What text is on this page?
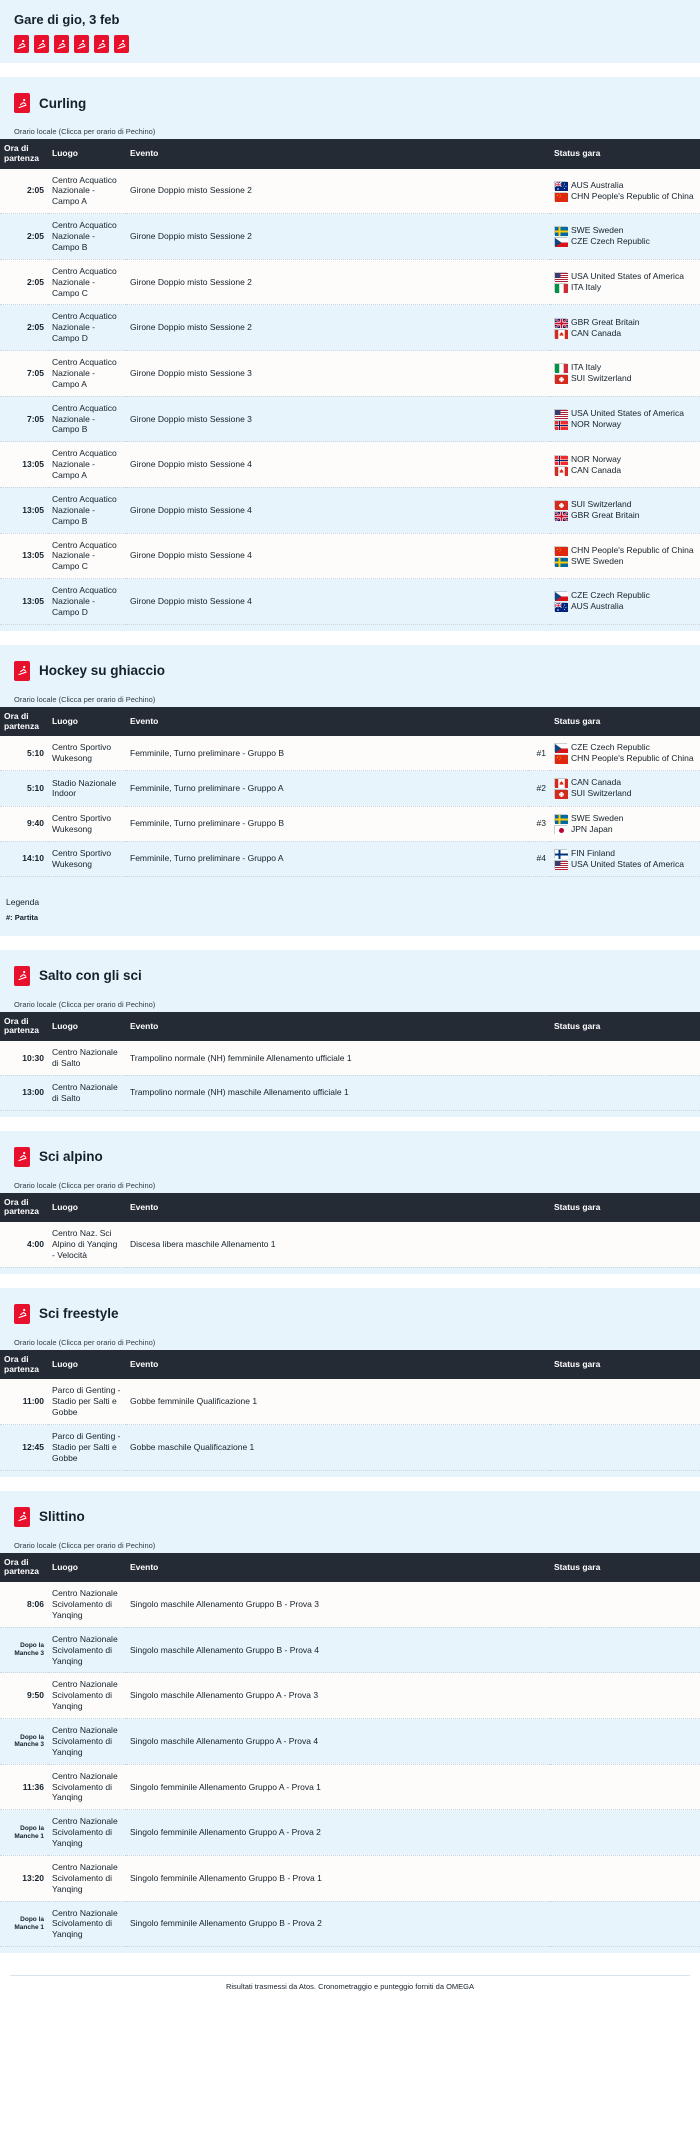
Gare di gio, 3 feb
Curling
Orario locale (Clicca per orario di Pechino)
Ora di partenza	Luogo	Evento	Status gara
2:05	Centro Acquatico Nazionale - Campo A	Girone Doppio misto Sessione 2	AUS Australia
CHN People's Republic of China

2:05	Centro Acquatico Nazionale - Campo B	Girone Doppio misto Sessione 2	SWE Sweden
CZE Czech Republic

2:05	Centro Acquatico Nazionale - Campo C	Girone Doppio misto Sessione 2	USA United States of America
ITA Italy

2:05	Centro Acquatico Nazionale - Campo D	Girone Doppio misto Sessione 2	GBR Great Britain
CAN Canada

7:05	Centro Acquatico Nazionale - Campo A	Girone Doppio misto Sessione 3	ITA Italy
SUI Switzerland

7:05	Centro Acquatico Nazionale - Campo B	Girone Doppio misto Sessione 3	USA United States of America
NOR Norway

13:05	Centro Acquatico Nazionale - Campo A	Girone Doppio misto Sessione 4	NOR Norway
CAN Canada

13:05	Centro Acquatico Nazionale - Campo B	Girone Doppio misto Sessione 4	SUI Switzerland
GBR Great Britain

13:05	Centro Acquatico Nazionale - Campo C	Girone Doppio misto Sessione 4	CHN People's Republic of China
SWE Sweden

13:05	Centro Acquatico Nazionale - Campo D	Girone Doppio misto Sessione 4	CZE Czech Republic
AUS Australia
Hockey su ghiaccio
Orario locale (Clicca per orario di Pechino)
Ora di partenza	Luogo	Evento		Status gara
5:10	Centro Sportivo Wukesong	Femminile, Turno preliminare - Gruppo B	#1	CZE Czech Republic
CHN People's Republic of China

5:10	Stadio Nazionale Indoor	Femminile, Turno preliminare - Gruppo A	#2	CAN Canada
SUI Switzerland

9:40	Centro Sportivo Wukesong	Femminile, Turno preliminare - Gruppo B	#3	SWE Sweden
JPN Japan

14:10	Centro Sportivo Wukesong	Femminile, Turno preliminare - Gruppo A	#4	FIN Finland
USA United States of America
Legenda
#: Partita
Salto con gli sci
Orario locale (Clicca per orario di Pechino)
Ora di partenza	Luogo	Evento	Status gara
10:30	Centro Nazionale di Salto	Trampolino normale (NH) femminile Allenamento ufficiale 1	
13:00	Centro Nazionale di Salto	Trampolino normale (NH) maschile Allenamento ufficiale 1	
Sci alpino
Orario locale (Clicca per orario di Pechino)
Ora di partenza	Luogo	Evento	Status gara
4:00	Centro Naz. Sci Alpino di Yanqing - Velocità	Discesa libera maschile Allenamento 1	
Sci freestyle
Orario locale (Clicca per orario di Pechino)
Ora di partenza	Luogo	Evento	Status gara
11:00	Parco di Genting -Stadio per Salti e Gobbe	Gobbe femminile Qualificazione 1	
12:45	Parco di Genting -Stadio per Salti e Gobbe	Gobbe maschile Qualificazione 1	
Slittino
Orario locale (Clicca per orario di Pechino)
Ora di partenza	Luogo	Evento	Status gara
8:06	Centro Nazionale Scivolamento di Yanqing	Singolo maschile Allenamento Gruppo B - Prova 3	
Dopo la Manche 3	Centro Nazionale Scivolamento di Yanqing	Singolo maschile Allenamento Gruppo B - Prova 4	
9:50	Centro Nazionale Scivolamento di Yanqing	Singolo maschile Allenamento Gruppo A - Prova 3	
Dopo la Manche 3	Centro Nazionale Scivolamento di Yanqing	Singolo maschile Allenamento Gruppo A - Prova 4	
11:36	Centro Nazionale Scivolamento di Yanqing	Singolo femminile Allenamento Gruppo A - Prova 1	
Dopo la Manche 1	Centro Nazionale Scivolamento di Yanqing	Singolo femminile Allenamento Gruppo A - Prova 2	
13:20	Centro Nazionale Scivolamento di Yanqing	Singolo femminile Allenamento Gruppo B - Prova 1	
Dopo la Manche 1	Centro Nazionale Scivolamento di Yanqing	Singolo femminile Allenamento Gruppo B - Prova 2	
Risultati trasmessi da Atos. Cronometraggio e punteggio forniti da OMEGA
